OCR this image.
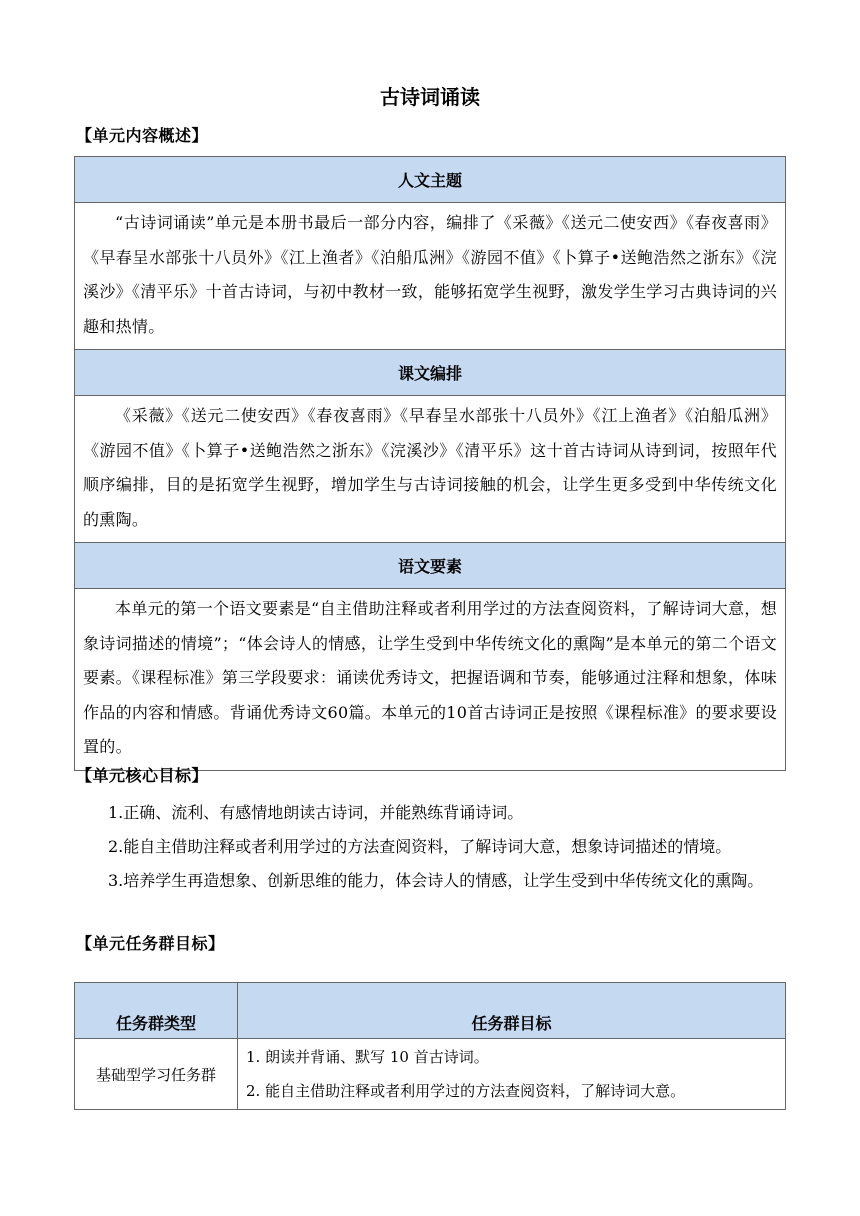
古诗词诵读
【单元内容概述】
人文主题
“古诗词诵读”单元是本册书最后一部分内容，编排了《采薇》《送元二使安西》《春夜喜雨》《早春呈水部张十八员外》《江上渔者》《泊船瓜洲》《游园不值》《卜算子•送鲍浩然之浙东》《浣溪沙》《清平乐》十首古诗词，与初中教材一致，能够拓宽学生视野，激发学生学习古典诗词的兴趣和热情。
课文编排
《采薇》《送元二使安西》《春夜喜雨》《早春呈水部张十八员外》《江上渔者》《泊船瓜洲》《游园不值》《卜算子•送鲍浩然之浙东》《浣溪沙》《清平乐》这十首古诗词从诗到词，按照年代顺序编排，目的是拓宽学生视野，增加学生与古诗词接触的机会，让学生更多受到中华传统文化的熏陶。
语文要素
本单元的第一个语文要素是“自主借助注释或者利用学过的方法查阅资料，了解诗词大意，想象诗词描述的情境”；“体会诗人的情感，让学生受到中华传统文化的熏陶”是本单元的第二个语文要素。《课程标准》第三学段要求：诵读优秀诗文，把握语调和节奏，能够通过注释和想象，体味作品的内容和情感。背诵优秀诗文60篇。本单元的10首古诗词正是按照《课程标准》的要求要设置的。
【单元核心目标】

1.正确、流利、有感情地朗读古诗词，并能熟练背诵诗词。

2.能自主借助注释或者利用学过的方法查阅资料，了解诗词大意，想象诗词描述的情境。

3.培养学生再造想象、创新思维的能力，体会诗人的情感，让学生受到中华传统文化的熏陶。

【单元任务群目标】
任务群类型	任务群目标
基础型学习任务群	1. 朗读并背诵、默写 10 首古诗词。

2. 能自主借助注释或者利用学过的方法查阅资料，了解诗词大意。
